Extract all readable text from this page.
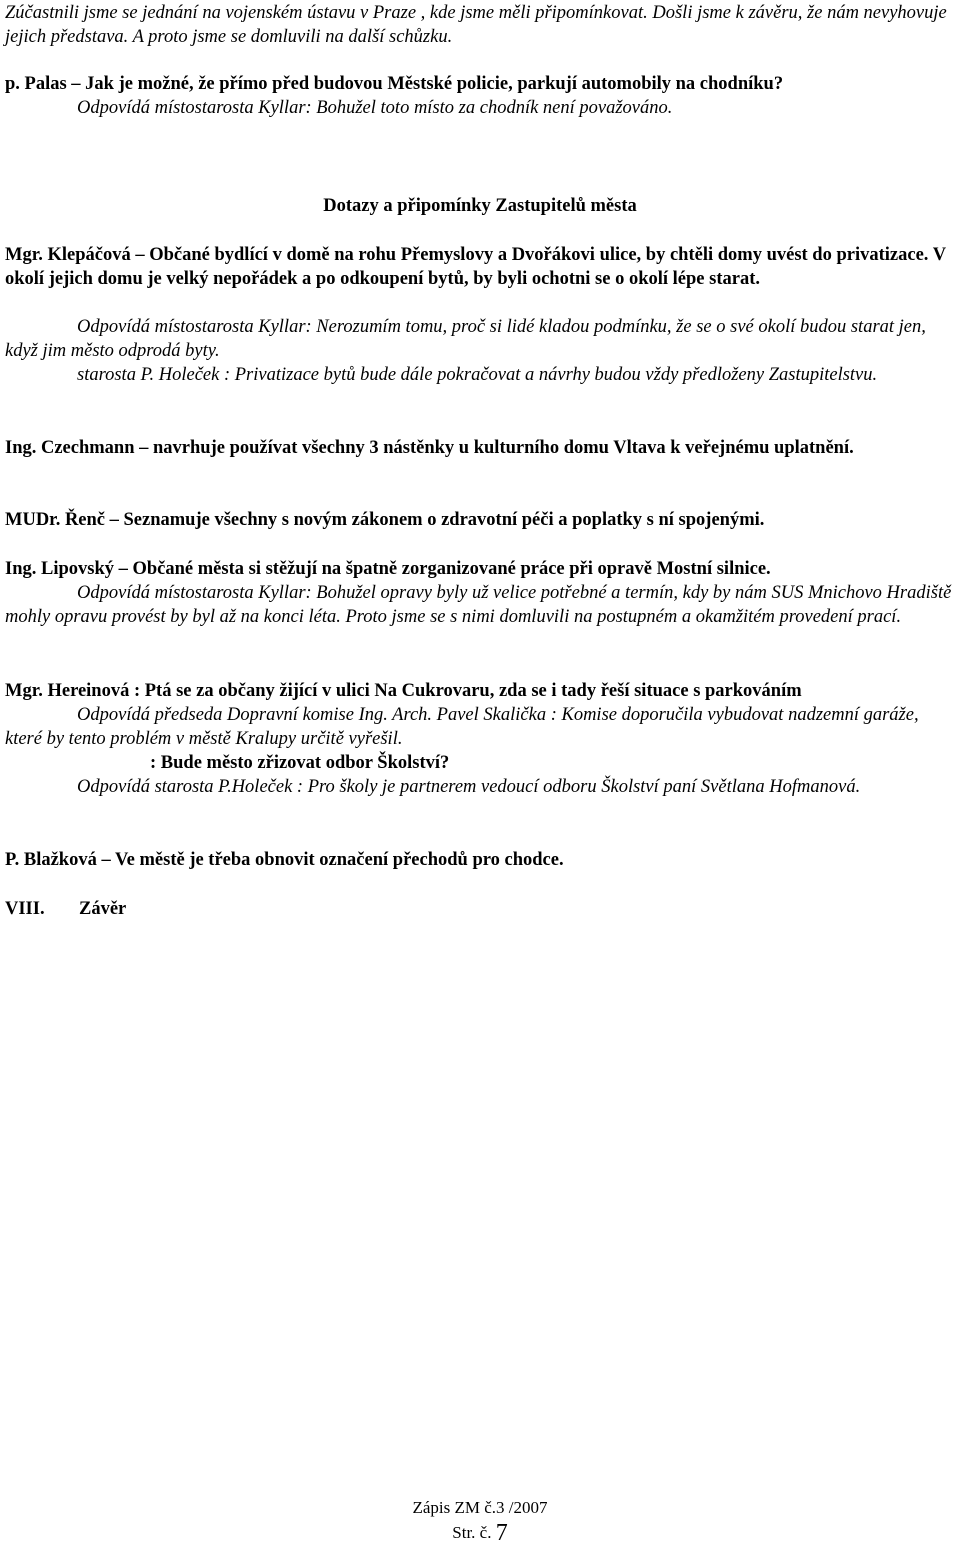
Zúčastnili jsme se jednání na vojenském ústavu v Praze , kde jsme měli připomínkovat. Došli jsme k závěru, že nám nevyhovuje jejich představa. A proto jsme se domluvili na další schůzku.

p. Palas – Jak je možné, že přímo před budovou Městské policie, parkují automobily na chodníku?

Odpovídá místostarosta Kyllar: Bohužel toto místo za chodník není považováno.

Dotazy a připomínky Zastupitelů města

Mgr. Klepáčová – Občané bydlící v domě na rohu Přemyslovy a Dvořákovi ulice, by chtěli domy uvést do privatizace. V okolí jejich domu je velký nepořádek a po odkoupení bytů, by byli ochotni se o okolí lépe starat.

Odpovídá místostarosta Kyllar: Nerozumím tomu, proč si lidé kladou podmínku, že se o své okolí budou starat jen, když jim město odprodá byty.

starosta P. Holeček : Privatizace bytů bude dále pokračovat a návrhy budou vždy předloženy Zastupitelstvu.

Ing. Czechmann – navrhuje používat všechny 3 nástěnky u kulturního domu Vltava k veřejnému uplatnění.

MUDr. Řenč – Seznamuje všechny s novým zákonem o zdravotní péči a poplatky s ní spojenými.

Ing. Lipovský – Občané města si stěžují na špatně zorganizované práce při opravě Mostní silnice.

Odpovídá místostarosta Kyllar: Bohužel opravy byly už velice potřebné a termín, kdy by nám SUS Mnichovo Hradiště mohly opravu provést by byl až na konci léta. Proto jsme se s nimi domluvili na postupném a okamžitém provedení prací.

Mgr. Hereinová : Ptá se za občany žijící v ulici Na Cukrovaru, zda se i tady řeší situace s parkováním

Odpovídá předseda Dopravní komise Ing. Arch. Pavel Skalička : Komise doporučila vybudovat nadzemní garáže, které by tento problém v městě Kralupy určitě vyřešil.

: Bude město zřizovat odbor Školství?

Odpovídá starosta P.Holeček : Pro školy je partnerem vedoucí odboru Školství paní Světlana Hofmanová.

P. Blažková – Ve městě je třeba obnovit označení přechodů pro chodce.

VIII. Závěr

Zápis ZM č.3 /2007
Str. č. 7
